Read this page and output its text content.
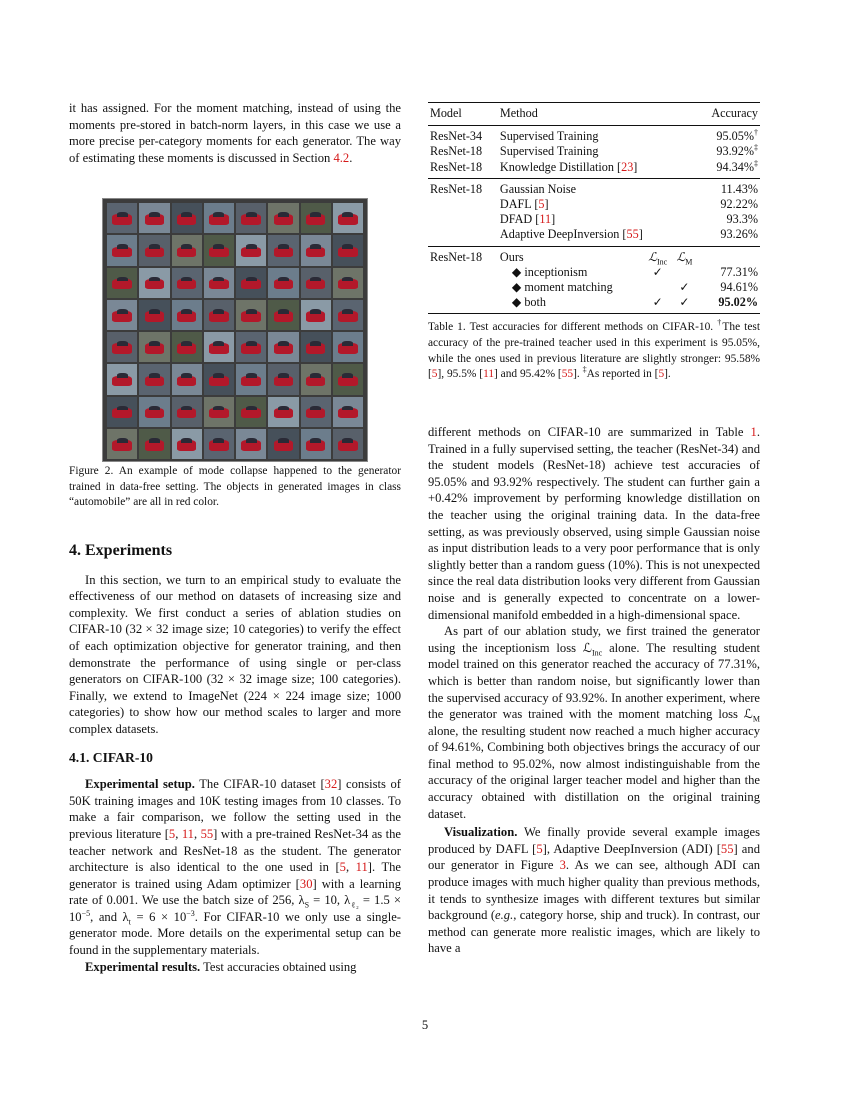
it has assigned. For the moment matching, instead of using the moments pre-stored in batch-norm layers, in this case we use a more precise per-category moments for each generator. The way of estimating these moments is discussed in Section 4.2.

Figure 2. An example of mode collapse happened to the generator trained in data-free setting. The objects in generated images in class “automobile” are all in red color.
4. Experiments

In this section, we turn to an empirical study to evaluate the effectiveness of our method on datasets of increasing size and complexity. We first conduct a series of ablation studies on CIFAR-10 (32 × 32 image size; 10 categories) to verify the effect of each optimization objective for generator training, and then demonstrate the performance of using single or per-class generators on CIFAR-100 (32 × 32 image size; 100 categories). Finally, we extend to ImageNet (224 × 224 image size; 1000 categories) to show how our method scales to larger and more complex datasets.

4.1. CIFAR-10

Experimental setup. The CIFAR-10 dataset [32] consists of 50K training images and 10K testing images from 10 classes. To make a fair comparison, we follow the setting used in the previous literature [5, 11, 55] with a pre-trained ResNet-34 as the teacher network and ResNet-18 as the student. The generator architecture is also identical to the one used in [5, 11]. The generator is trained using Adam optimizer [30] with a learning rate of 0.001. We use the batch size of 256, $\lambda_S = 10$, $\lambda_{\ell_2} = 1.5 \times 10^{-5}$, and $\lambda_t = 6 \times 10^{-3}$. For CIFAR-10 we only use a single-generator mode. More details on the experimental setup can be found in the supplementary materials.

Experimental results. Test accuracies obtained using

Model	Method			Accuracy
ResNet-34	Supervised Training			95.05%†
ResNet-18	Supervised Training			93.92%‡
ResNet-18	Knowledge Distillation [23]			94.34%‡
ResNet-18	Gaussian Noise			11.43%
	DAFL [5]			92.22%
	DFAD [11]			93.3%
	Adaptive DeepInversion [55]			93.26%
ResNet-18	Ours	ℒ$_{Inc}$	ℒ$_M$	
	◆ inceptionism	✓		77.31%
	◆ moment matching		✓	94.61%
	◆ both	✓	✓	95.02%

Table 1. Test accuracies for different methods on CIFAR-10. †The test accuracy of the pre-trained teacher used in this experiment is 95.05%, while the ones used in previous literature are slightly stronger: 95.58% [5], 95.5% [11] and 95.42% [55]. ‡As reported in [5].

different methods on CIFAR-10 are summarized in Table 1. Trained in a fully supervised setting, the teacher (ResNet-34) and the student models (ResNet-18) achieve test accuracies of 95.05% and 93.92% respectively. The student can further gain a +0.42% improvement by performing knowledge distillation on the teacher using the original training data. In the data-free setting, as was previously observed, using simple Gaussian noise as input distribution leads to a very poor performance that is only slightly better than a random guess (10%). This is not unexpected since the real data distribution looks very different from Gaussian noise and is generally expected to concentrate on a lower-dimensional manifold embedded in a high-dimensional space.

As part of our ablation study, we first trained the generator using the inceptionism loss ℒ$_{Inc}$ alone. The resulting student model trained on this generator reached the accuracy of 77.31%, which is better than random noise, but significantly lower than the supervised accuracy of 93.92%. In another experiment, where the generator was trained with the moment matching loss ℒ$_M$ alone, the resulting student now reached a much higher accuracy of 94.61%, Combining both objectives brings the accuracy of our final method to 95.02%, now almost indistinguishable from the accuracy of the original larger teacher model and higher than the accuracy obtained with distillation on the original training dataset.

Visualization. We finally provide several example images produced by DAFL [5], Adaptive DeepInversion (ADI) [55] and our generator in Figure 3. As we can see, although ADI can produce images with much higher quality than previous methods, it tends to synthesize images with different textures but similar background (e.g., category horse, ship and truck). In contrast, our method can generate more realistic images, which are likely to have a

5
